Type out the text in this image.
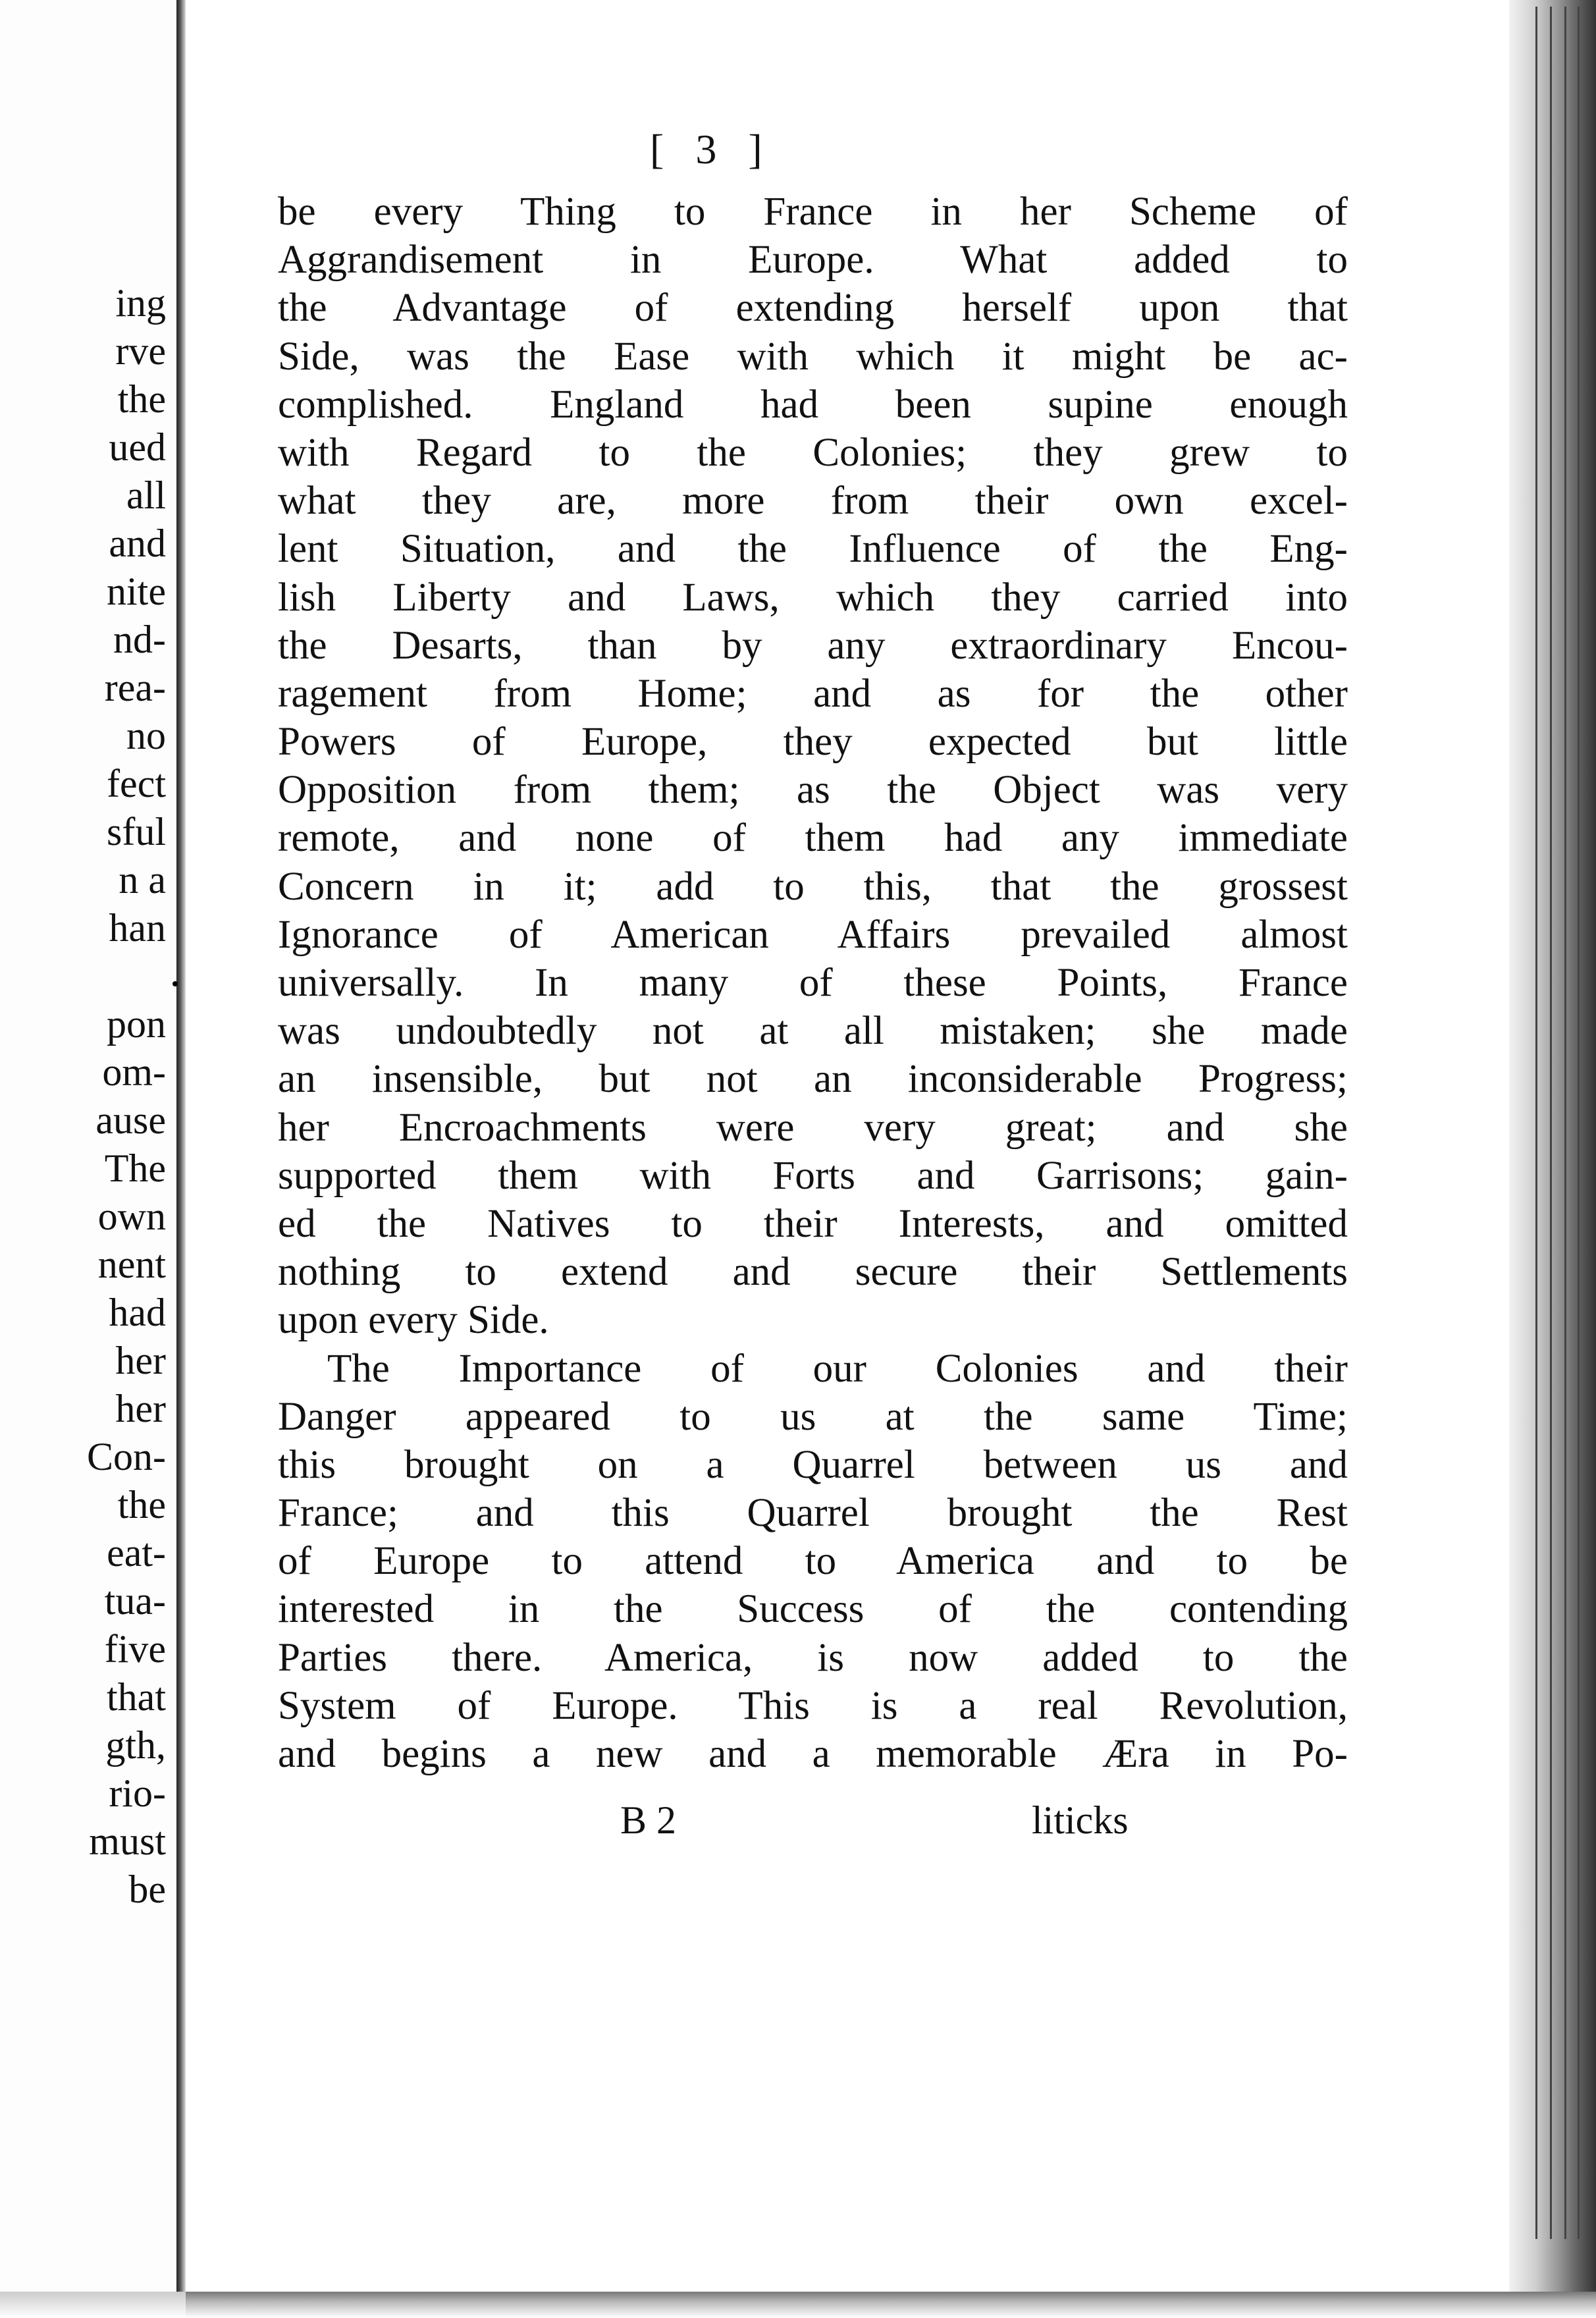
ing
rve
the
ued
all
and
nite
nd-
rea-
no
fect
sful
n a
han
pon
om-
ause
The
own
nent
had
her
her
Con-
the
eat-
tua-
five
that
gth,
rio-
must
be
[ 3 ]
be every Thing to France in her Scheme of
Aggrandisement in Europe. What added to
the Advantage of extending herself upon that
Side, was the Ease with which it might be ac-
complished. England had been supine enough
with Regard to the Colonies; they grew to
what they are, more from their own excel-
lent Situation, and the Influence of the Eng-
lish Liberty and Laws, which they carried into
the Desarts, than by any extraordinary Encou-
ragement from Home; and as for the other
Powers of Europe, they expected but little
Opposition from them; as the Object was very
remote, and none of them had any immediate
Concern in it; add to this, that the grossest
Ignorance of American Affairs prevailed almost
universally. In many of these Points, France
was undoubtedly not at all mistaken; she made
an insensible, but not an inconsiderable Progress;
her Encroachments were very great; and she
supported them with Forts and Garrisons; gain-
ed the Natives to their Interests, and omitted
nothing to extend and secure their Settlements
upon every Side.
The Importance of our Colonies and their
Danger appeared to us at the same Time;
this brought on a Quarrel between us and
France; and this Quarrel brought the Rest
of Europe to attend to America and to be
interested in the Success of the contending
Parties there. America, is now added to the
System of Europe. This is a real Revolution,
and begins a new and a memorable Æra in Po-
B 2	liticks
